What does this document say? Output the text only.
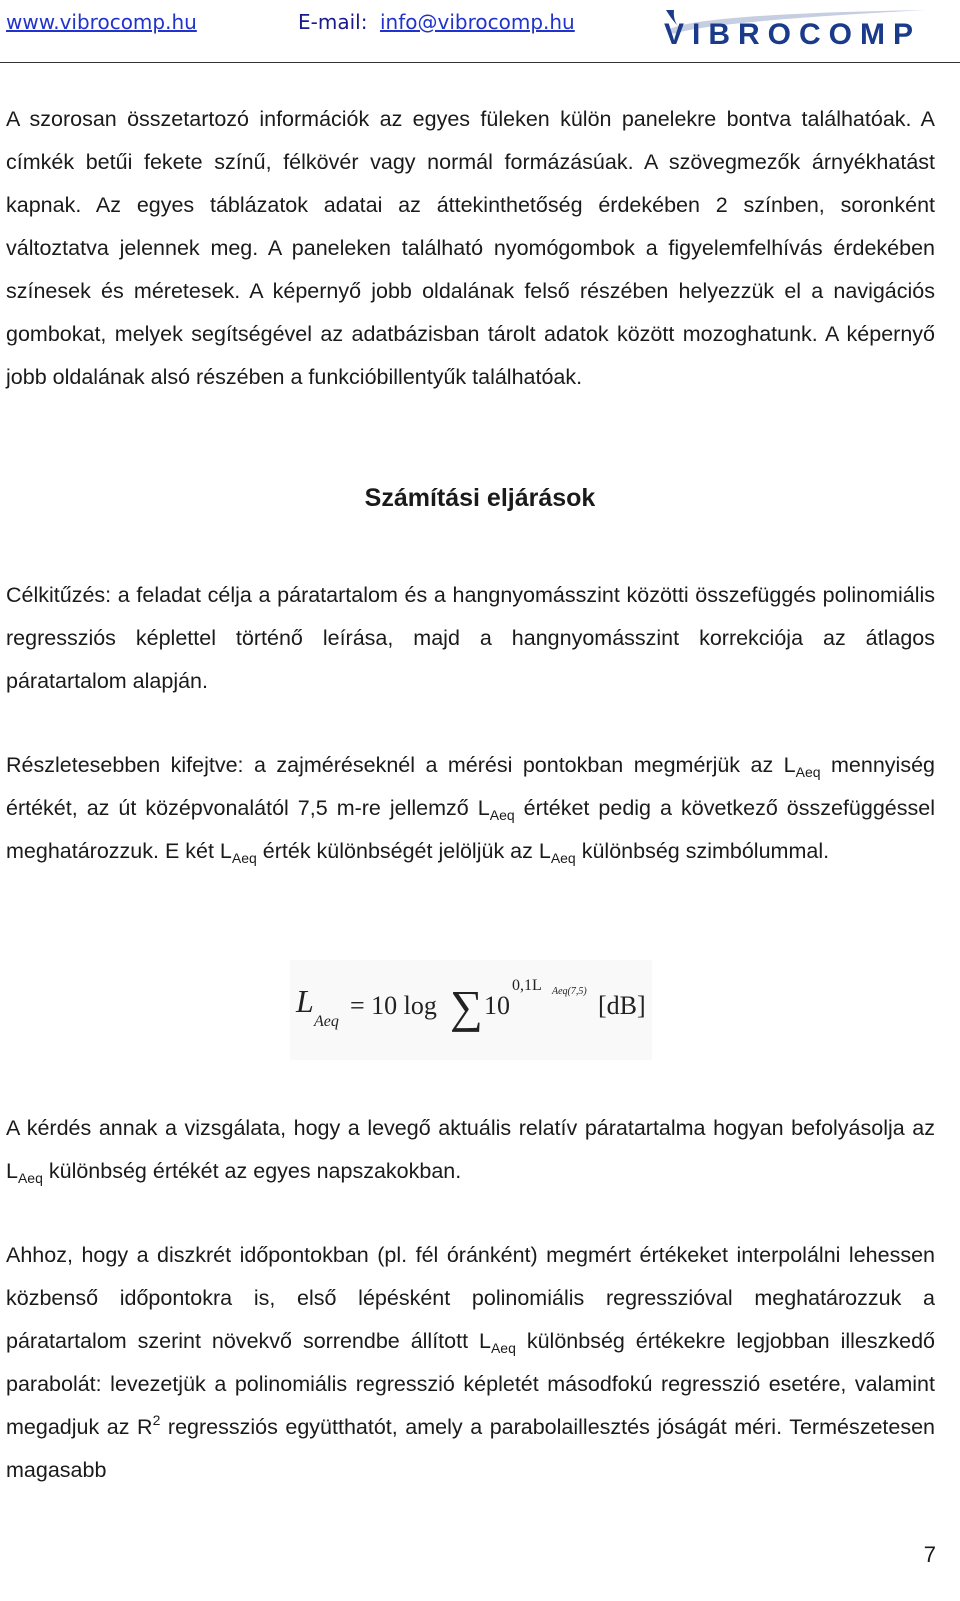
www.vibrocomp.hu	E-mail: info@vibrocomp.hu	VIBROCOMP

A szorosan összetartozó információk az egyes füleken külön panelekre bontva találhatóak. A címkék betűi fekete színű, félkövér vagy normál formázásúak. A szövegmezők árnyékhatást kapnak. Az egyes táblázatok adatai az áttekinthetőség érdekében 2 színben, soronként változtatva jelennek meg. A paneleken található nyomógombok a figyelemfelhívás érdekében színesek és méretesek. A képernyő jobb oldalának felső részében helyezzük el a navigációs gombokat, melyek segítségével az adatbázisban tárolt adatok között mozoghatunk. A képernyő jobb oldalának alsó részében a funkcióbillentyűk találhatóak.

Számítási eljárások

Célkitűzés: a feladat célja a páratartalom és a hangnyomásszint közötti összefüggés polinomiális regressziós képlettel történő leírása, majd a hangnyomásszint korrekciója az átlagos páratartalom alapján.

Részletesebben kifejtve: a zajméréseknél a mérési pontokban megmérjük az $L_{Aeq}$ mennyiség értékét, az út középvonalától 7,5 m-re jellemző $L_{Aeq}$ értéket pedig a következő összefüggéssel meghatározzuk. E két $L_{Aeq}$ érték különbségét jelöljük az $L_{Aeq}$ különbség szimbólummal.

L
Aeq
= 10 log ∑ 10
0,1L Aeq(7,5) [dB]

A kérdés annak a vizsgálata, hogy a levegő aktuális relatív páratartalma hogyan befolyásolja az $L_{Aeq}$ különbség értékét az egyes napszakokban.

Ahhoz, hogy a diszkrét időpontokban (pl. fél óránként) megmért értékeket interpolálni lehessen közbenső időpontokra is, első lépésként polinomiális regresszióval meghatározzuk a páratartalom szerint növekvő sorrendbe állított $L_{Aeq}$ különbség értékekre legjobban illeszkedő parabolát: levezetjük a polinomiális regresszió képletét másodfokú regresszió esetére, valamint megadjuk az $R^2$ regressziós együtthatót, amely a parabolaillesztés jóságát méri. Természetesen magasabb

7
